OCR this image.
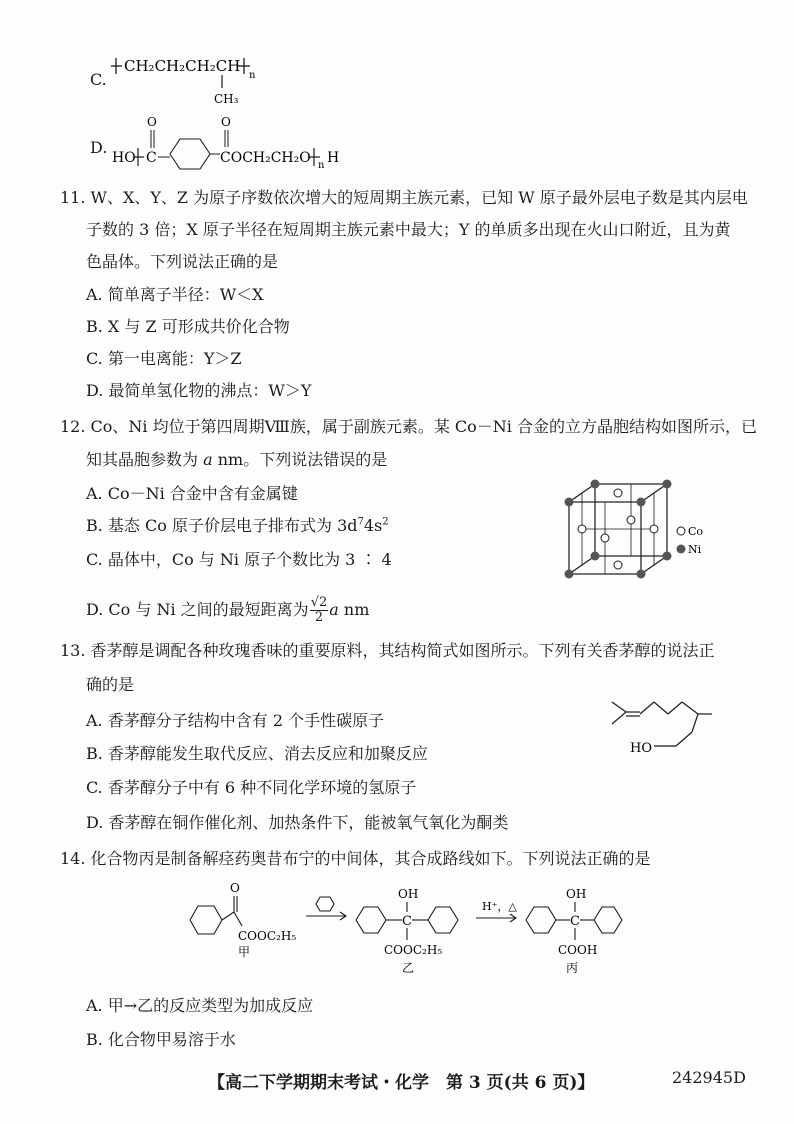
C.
CH₂CH₂CH₂CH
n
CH₃
D.
HO C
O	O
COCH₂CH₂O n H
11. W、X、Y、Z 为原子序数依次增大的短周期主族元素，已知 W 原子最外层电子数是其内层电
子数的 3 倍；X 原子半径在短周期主族元素中最大；Y 的单质多出现在火山口附近，且为黄
色晶体。下列说法正确的是
A. 简单离子半径：W＜X
B. X 与 Z 可形成共价化合物
C. 第一电离能：Y＞Z
D. 最简单氢化物的沸点：W＞Y
12. Co、Ni 均位于第四周期Ⅷ族，属于副族元素。某 Co－Ni 合金的立方晶胞结构如图所示，已
知其晶胞参数为 a nm。下列说法错误的是
A. Co－Ni 合金中含有金属键
B. 基态 Co 原子价层电子排布式为 $3d^74s^2$
C. 晶体中，Co 与 Ni 原子个数比为 3 ∶ 4
D. Co 与 Ni 之间的最短距离为 $\frac{√2}{2}$ a nm
Co
Ni
13. 香茅醇是调配各种玫瑰香味的重要原料，其结构简式如图所示。下列有关香茅醇的说法正
确的是
A. 香茅醇分子结构中含有 2 个手性碳原子
B. 香茅醇能发生取代反应、消去反应和加聚反应
C. 香茅醇分子中有 6 种不同化学环境的氢原子
D. 香茅醇在铜作催化剂、加热条件下，能被氧气氧化为酮类
HO
14. 化合物丙是制备解痉药奥昔布宁的中间体，其合成路线如下。下列说法正确的是
O
COOC₂H₅
甲
OH
C
COOC₂H₅
乙
H⁺，△
OH
C
COOH
丙
A. 甲→乙的反应类型为加成反应
B. 化合物甲易溶于水
【高二下学期期末考试・化学　第 3 页(共 6 页)】	242945D
